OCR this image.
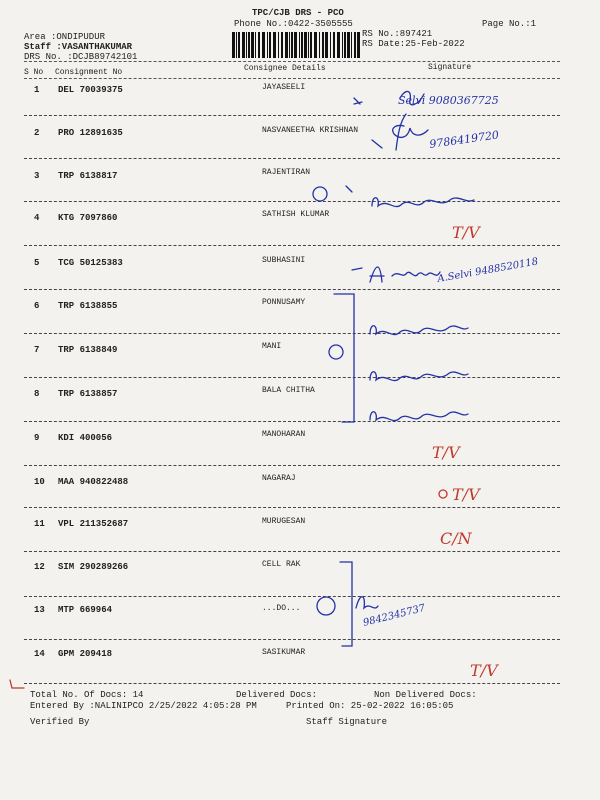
TPC/CJB DRS - PCO
Phone No.:0422-3505555	Page No.:1
Area :ONDIPUDUR
Staff :VASANTHAKUMAR
DRS No. :DCJB89742101
RS No.:897421
RS Date:25-Feb-2022
S No Consignment No	Consignee Details	Signature
1 DEL 70039375	JAYASEELI
2 PRO 12891635	NASVANEETHA KRISHNAN
3 TRP 6138817	RAJENTIRAN
4 KTG 7097860	SATHISH KLUMAR
5 TCG 50125383	SUBHASINI
6 TRP 6138855	PONNUSAMY
7 TRP 6138849	MANI
8 TRP 6138857	BALA CHITHA
9 KDI 400056	MANOHARAN
10 MAA 940822488	NAGARAJ
11 VPL 211352687	MURUGESAN
12 SIM 290289266	CELL RAK
13 MTP 669964	...DO...
14 GPM 209418	SASIKUMAR
Total No. Of Docs: 14	Delivered Docs:	Non Delivered Docs:
Entered By :NALINIPCO 2/25/2022 4:05:28 PM	Printed On: 25-02-2022 16:05:05
Verified By	Staff Signature
Selvi 9080367725
9786419720
A.Selvi 9488520118
9842345737
T/V
T/V
T/V
C/N
T/V
